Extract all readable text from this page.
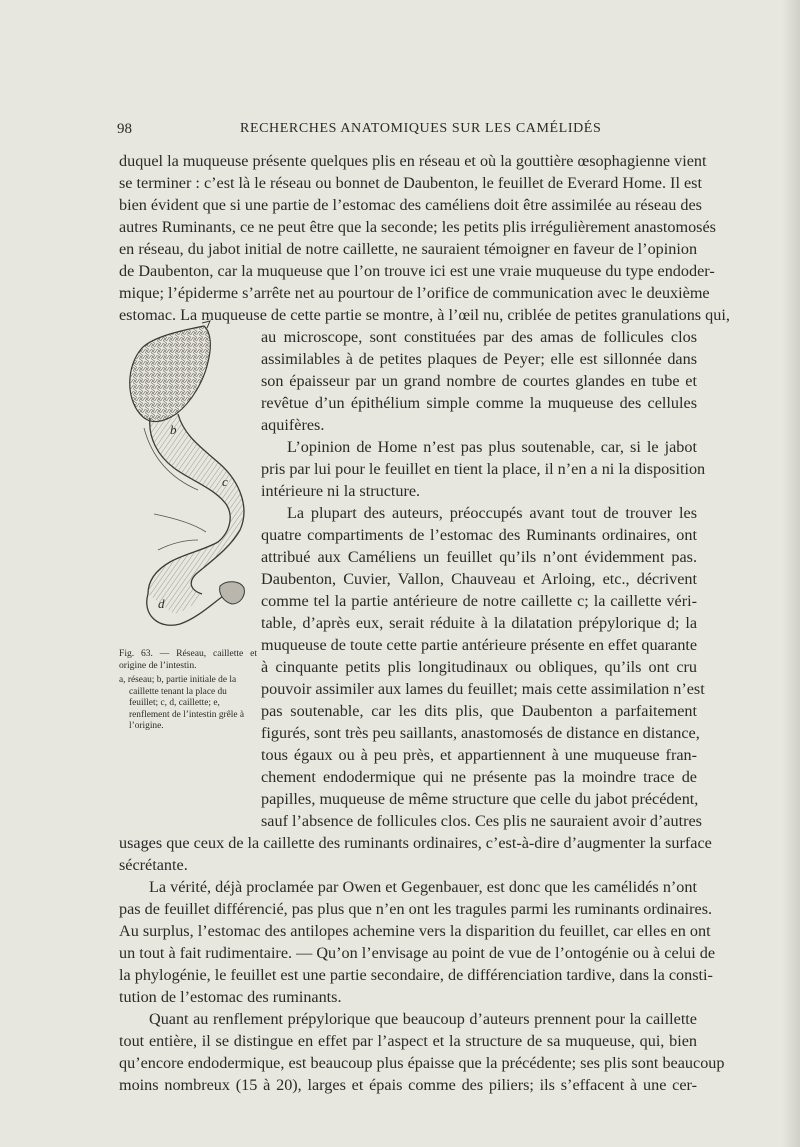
98	RECHERCHES ANATOMIQUES SUR LES CAMÉLIDÉS
duquel la muqueuse présente quelques plis en réseau et où la gouttière œsophagienne vient
se terminer : c’est là le réseau ou bonnet de Daubenton, le feuillet de Everard Home. Il est
bien évident que si une partie de l’estomac des caméliens doit être assimilée au réseau des
autres Ruminants, ce ne peut être que la seconde; les petits plis irrégulièrement anastomosés
en réseau, du jabot initial de notre caillette, ne sauraient témoigner en faveur de l’opinion
de Daubenton, car la muqueuse que l’on trouve ici est une vraie muqueuse du type endoder-
mique; l’épiderme s’arrête net au pourtour de l’orifice de communication avec le deuxième
estomac. La muqueuse de cette partie se montre, à l’œil nu, criblée de petites granulations qui,
au microscope, sont constituées par des amas de follicules clos
assimilables à de petites plaques de Peyer; elle est sillonnée dans
son épaisseur par un grand nombre de courtes glandes en tube et
revêtue d’un épithélium simple comme la muqueuse des cellules
aquifères.
L’opinion de Home n’est pas plus soutenable, car, si le jabot
pris par lui pour le feuillet en tient la place, il n’en a ni la disposition
intérieure ni la structure.
La plupart des auteurs, préoccupés avant tout de trouver les
quatre compartiments de l’estomac des Ruminants ordinaires, ont
attribué aux Caméliens un feuillet qu’ils n’ont évidemment pas.
Daubenton, Cuvier, Vallon, Chauveau et Arloing, etc., décrivent
comme tel la partie antérieure de notre caillette c; la caillette véri-
table, d’après eux, serait réduite à la dilatation prépylorique d; la
muqueuse de toute cette partie antérieure présente en effet quarante
à cinquante petits plis longitudinaux ou obliques, qu’ils ont cru
pouvoir assimiler aux lames du feuillet; mais cette assimilation n’est
pas soutenable, car les dits plis, que Daubenton a parfaitement
figurés, sont très peu saillants, anastomosés de distance en distance,
tous égaux ou à peu près, et appartiennent à une muqueuse fran-
chement endodermique qui ne présente pas la moindre trace de
papilles, muqueuse de même structure que celle du jabot précédent,
sauf l’absence de follicules clos. Ces plis ne sauraient avoir d’autres
usages que ceux de la caillette des ruminants ordinaires, c’est-à-dire d’augmenter la surface
sécrétante.
La vérité, déjà proclamée par Owen et Gegenbauer, est donc que les camélidés n’ont
pas de feuillet différencié, pas plus que n’en ont les tragules parmi les ruminants ordinaires.
Au surplus, l’estomac des antilopes achemine vers la disparition du feuillet, car elles en ont
un tout à fait rudimentaire. — Qu’on l’envisage au point de vue de l’ontogénie ou à celui de
la phylogénie, le feuillet est une partie secondaire, de différenciation tardive, dans la consti-
tution de l’estomac des ruminants.
Quant au renflement prépylorique que beaucoup d’auteurs prennent pour la caillette
tout entière, il se distingue en effet par l’aspect et la structure de sa muqueuse, qui, bien
qu’encore endodermique, est beaucoup plus épaisse que la précédente; ses plis sont beaucoup
moins nombreux (15 à 20), larges et épais comme des piliers; ils s’effacent à une cer-
b
c
d
Fig. 63. — Réseau, caillette et origine de l’intestin.
a, réseau; b, partie initiale de la caillette tenant la place du feuillet; c, d, caillette; e, renflement de l’intestin grêle à l’origine.
